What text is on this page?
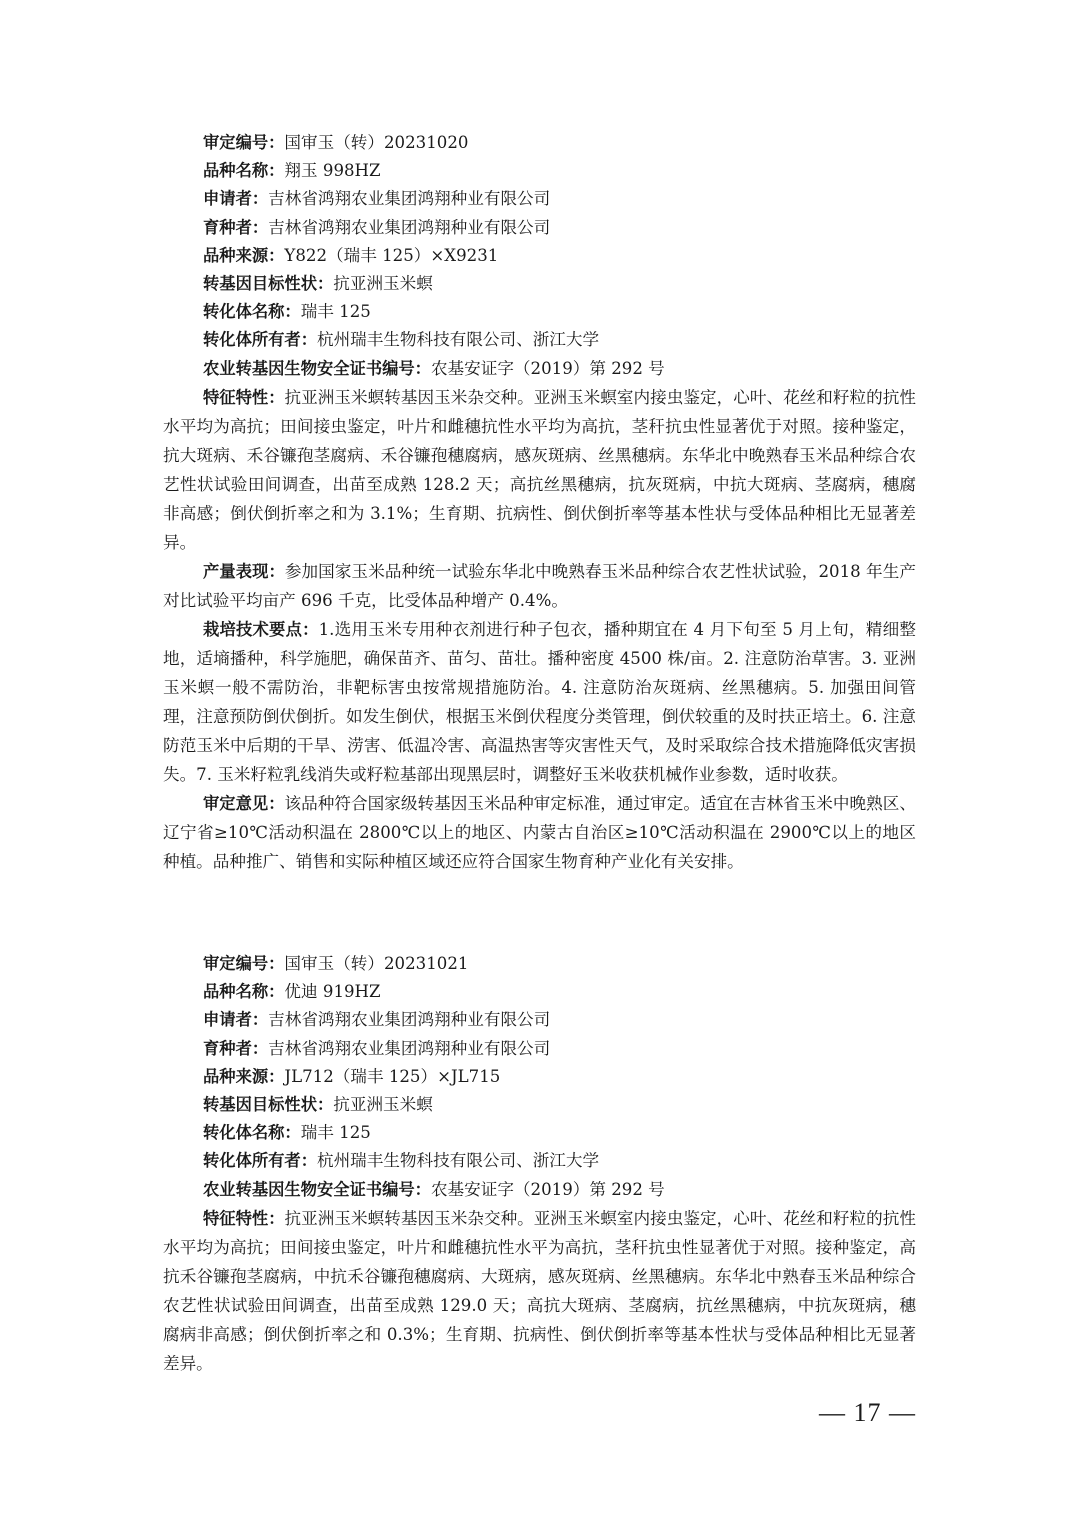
审定编号：国审玉（转）20231020

品种名称：翔玉 998HZ

申请者：吉林省鸿翔农业集团鸿翔种业有限公司

育种者：吉林省鸿翔农业集团鸿翔种业有限公司

品种来源：Y822（瑞丰 125）×X9231

转基因目标性状：抗亚洲玉米螟

转化体名称：瑞丰 125

转化体所有者：杭州瑞丰生物科技有限公司、浙江大学

农业转基因生物安全证书编号：农基安证字（2019）第 292 号

特征特性：抗亚洲玉米螟转基因玉米杂交种。亚洲玉米螟室内接虫鉴定，心叶、花丝和籽粒的抗性水平均为高抗；田间接虫鉴定，叶片和雌穗抗性水平均为高抗，茎秆抗虫性显著优于对照。接种鉴定，抗大斑病、禾谷镰孢茎腐病、禾谷镰孢穗腐病，感灰斑病、丝黑穗病。东华北中晚熟春玉米品种综合农艺性状试验田间调查，出苗至成熟 128.2 天；高抗丝黑穗病，抗灰斑病，中抗大斑病、茎腐病，穗腐非高感；倒伏倒折率之和为 3.1%；生育期、抗病性、倒伏倒折率等基本性状与受体品种相比无显著差异。

产量表现：参加国家玉米品种统一试验东华北中晚熟春玉米品种综合农艺性状试验，2018 年生产对比试验平均亩产 696 千克，比受体品种增产 0.4%。

栽培技术要点：1.选用玉米专用种衣剂进行种子包衣，播种期宜在 4 月下旬至 5 月上旬，精细整地，适墒播种，科学施肥，确保苗齐、苗匀、苗壮。播种密度 4500 株/亩。2. 注意防治草害。3. 亚洲玉米螟一般不需防治，非靶标害虫按常规措施防治。4. 注意防治灰斑病、丝黑穗病。5. 加强田间管理，注意预防倒伏倒折。如发生倒伏，根据玉米倒伏程度分类管理，倒伏较重的及时扶正培土。6. 注意防范玉米中后期的干旱、涝害、低温冷害、高温热害等灾害性天气，及时采取综合技术措施降低灾害损失。7. 玉米籽粒乳线消失或籽粒基部出现黑层时，调整好玉米收获机械作业参数，适时收获。

审定意见：该品种符合国家级转基因玉米品种审定标准，通过审定。适宜在吉林省玉米中晚熟区、辽宁省≥10℃活动积温在 2800℃以上的地区、内蒙古自治区≥10℃活动积温在 2900℃以上的地区种植。品种推广、销售和实际种植区域还应符合国家生物育种产业化有关安排。

审定编号：国审玉（转）20231021

品种名称：优迪 919HZ

申请者：吉林省鸿翔农业集团鸿翔种业有限公司

育种者：吉林省鸿翔农业集团鸿翔种业有限公司

品种来源：JL712（瑞丰 125）×JL715

转基因目标性状：抗亚洲玉米螟

转化体名称：瑞丰 125

转化体所有者：杭州瑞丰生物科技有限公司、浙江大学

农业转基因生物安全证书编号：农基安证字（2019）第 292 号

特征特性：抗亚洲玉米螟转基因玉米杂交种。亚洲玉米螟室内接虫鉴定，心叶、花丝和籽粒的抗性水平均为高抗；田间接虫鉴定，叶片和雌穗抗性水平为高抗，茎秆抗虫性显著优于对照。接种鉴定，高抗禾谷镰孢茎腐病，中抗禾谷镰孢穗腐病、大斑病，感灰斑病、丝黑穗病。东华北中熟春玉米品种综合农艺性状试验田间调查，出苗至成熟 129.0 天；高抗大斑病、茎腐病，抗丝黑穗病，中抗灰斑病，穗腐病非高感；倒伏倒折率之和 0.3%；生育期、抗病性、倒伏倒折率等基本性状与受体品种相比无显著差异。

— 17 —
